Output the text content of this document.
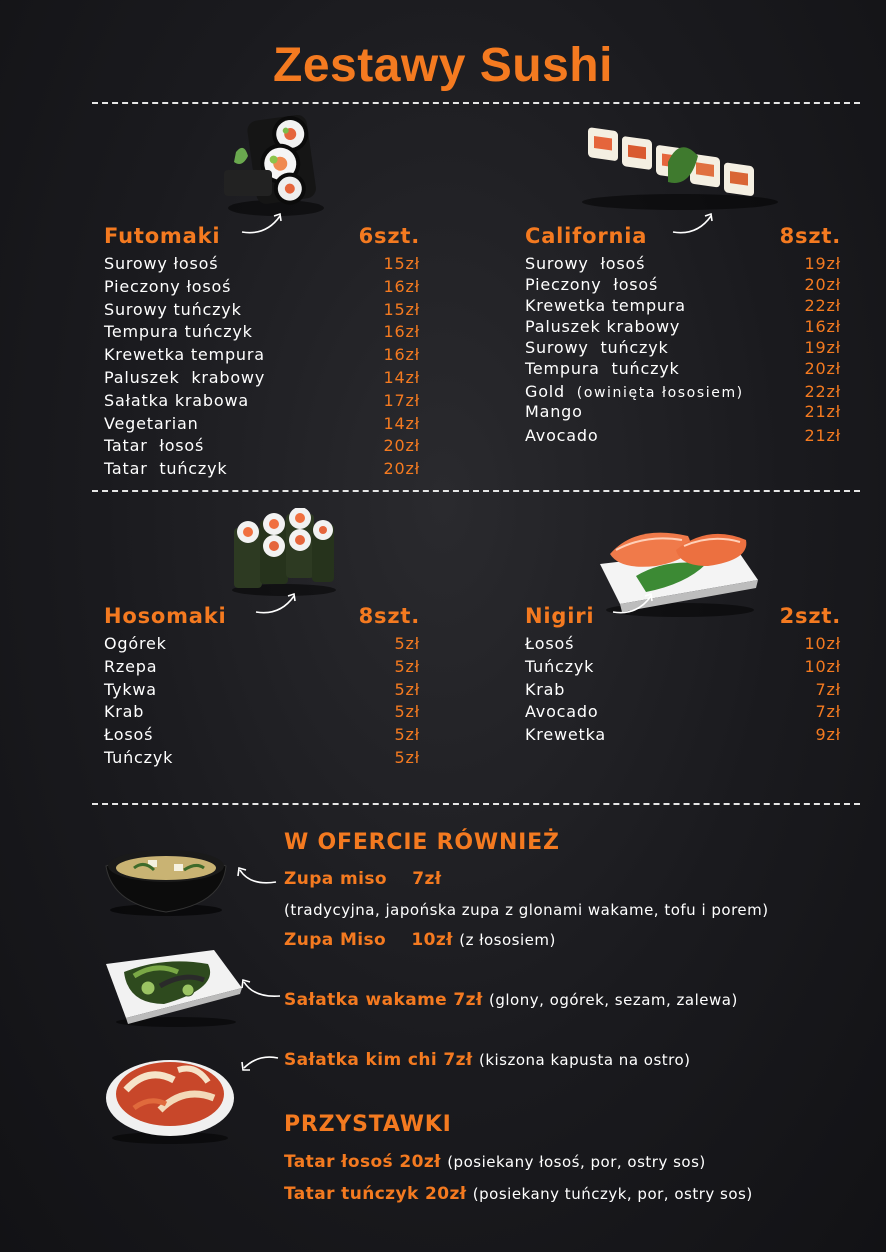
Zestawy Sushi
Futomaki	6szt.
Surowy łosoś	15zł
Pieczony łosoś	16zł
Surowy tuńczyk	15zł
Tempura tuńczyk	16zł
Krewetka tempura	16zł
Paluszek  krabowy	14zł
Sałatka krabowa	17zł
Vegetarian	14zł
Tatar  łosoś	20zł
Tatar  tuńczyk	20zł
California	8szt.
Surowy  łosoś	19zł
Pieczony  łosoś	20zł
Krewetka tempura	22zł
Paluszek krabowy	16zł
Surowy  tuńczyk	19zł
Tempura  tuńczyk	20zł
Gold (owinięta łososiem)	22zł
Mango	21zł
Avocado	21zł
Hosomaki	8szt.
Ogórek	5zł
Rzepa	5zł
Tykwa	5zł
Krab	5zł
Łosoś	5zł
Tuńczyk	5zł
Nigiri	2szt.
Łosoś	10zł
Tuńczyk	10zł
Krab	7zł
Avocado	7zł
Krewetka	9zł
W OFERCIE RÓWNIEŻ
Zupa miso 7zł
(tradycyjna, japońska zupa z glonami wakame, tofu i porem)
Zupa Miso 10zł (z łososiem)
Sałatka wakame 7zł (glony, ogórek, sezam, zalewa)
Sałatka kim chi 7zł (kiszona kapusta na ostro)
PRZYSTAWKI
Tatar łosoś 20zł (posiekany łosoś, por, ostry sos)
Tatar tuńczyk 20zł (posiekany tuńczyk, por, ostry sos)
